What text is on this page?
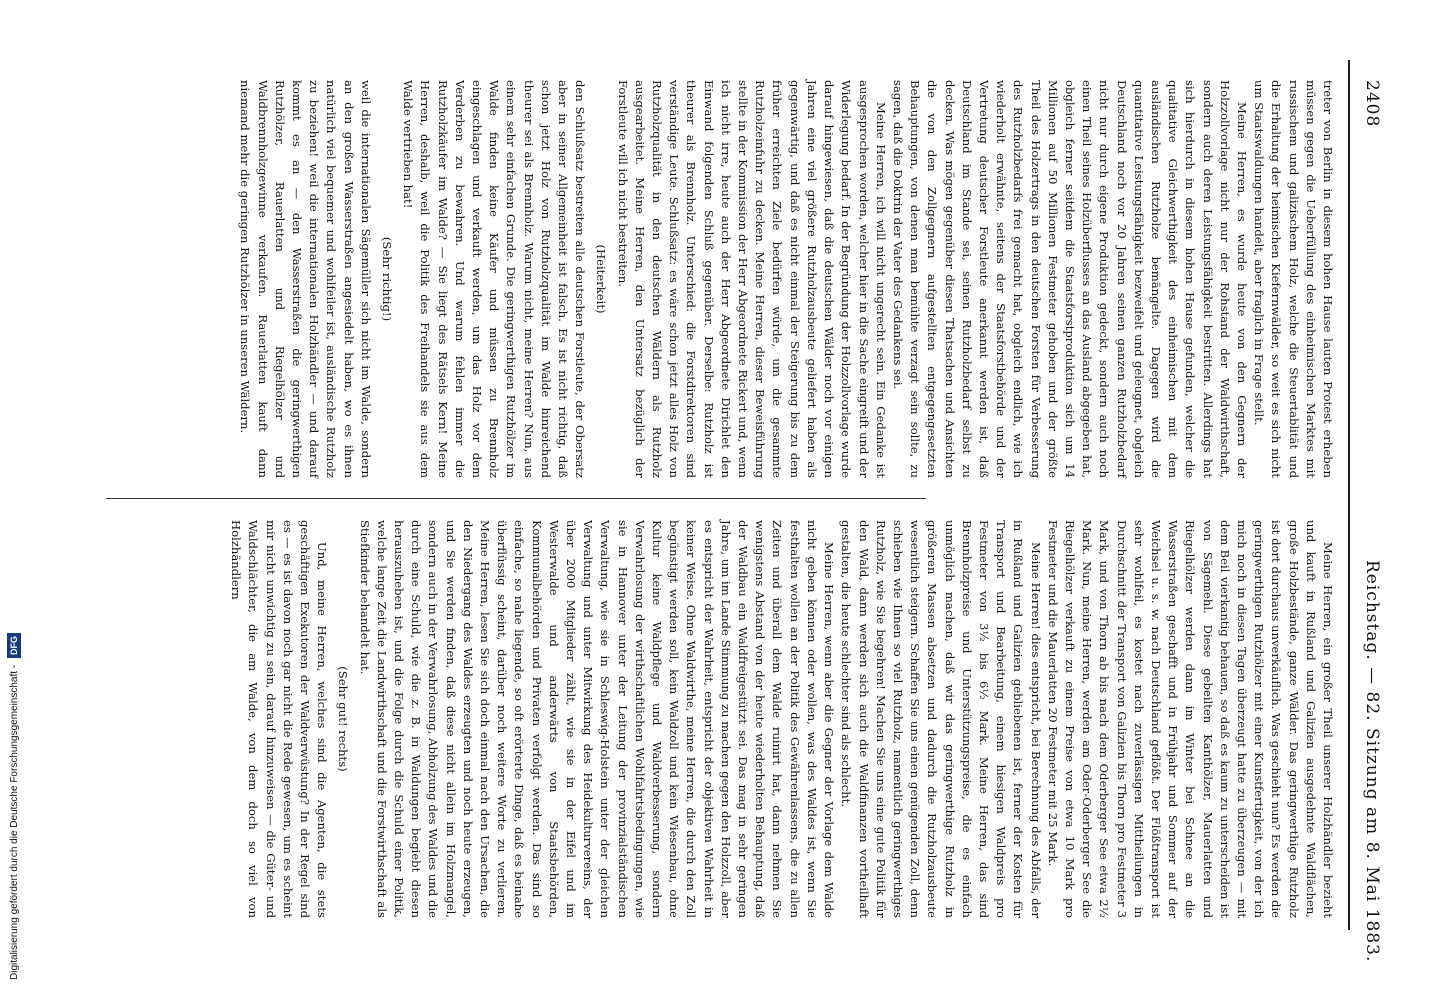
2408
Reichstag. — 82. Sitzung am 8. Mai 1883.

treter von Berlin in diesem hohen Hause lauten Protest erheben müssen gegen die Ueberfüllung des einheimischen Marktes mit russischem und galizischem Holz, welche die Steuertablität und die Erhaltung der heimischen Kiefernwälder, so weit es sich nicht um Staatswaldungen handelt, aber fraglich in Frage stellt.

Meine Herren, es wurde heute von den Gegnern der Holzzollvorlage nicht nur der Rohstand der Waldwirthschaft, sondern auch deren Leistungsfähigkeit bestritten. Allerdings hat sich hierdurch in diesem hohen Hause gefunden, welcher die qualitative Gleichwerthigkeit des einheimischen mit dem ausländischen Rutzholze bemängelte. Dagegen wird die quantitative Leistungsfähigkeit bezweifelt und geleugnet, obgleich Deutschland noch vor 20 Jahren seinen ganzen Rutzholzbedarf nicht nur durch eigene Produktion gedeckt, sondern auch noch einen Theil seines Holzüberflusses an das Ausland abgegeben hat, obgleich ferner seitdem die Staatsforstproduktion sich um 14 Millionen auf 50 Millionen Festmeter gehoben und der größte Theil des Holzertrags in den deutschen Forsten für Verbesserung des Rutzholzbedarfs frei gemacht hat, obgleich endlich, wie ich wiederholt erwähnte, seitens der Staatsforstbehörde und der Vertretung deutscher Forstleute anerkannt werden ist, daß Deutschland im Stande sei, seinen Rutzholzbedarf selbst zu decken. Was mögen gegenüber diesen Thatsachen und Ansichten die von den Zollgegnern aufgestellten entgegengesetzten Behauptungen, von denen man bemühte verzagt sein sollte, zu sagen, daß die Doktrin der Vater des Gedankens sei.

Meine Herren, ich will nicht ungerecht sein. Ein Gedanke ist ausgesprochen worden, welcher hier in die Sache eingreift und der Widerlegung bedarf. In der Begründung der Holzzollvorlage wurde darauf hingewiesen, daß die deutschen Wälder noch vor einigen Jahren eine viel größere Rutzholzausbeute geliefert haben als gegenwärtig, und daß es nicht einmal der Steigerung bis zu dem früher erreichten Ziele bedürfen würde, um die gesammte Rutzholzeinfuhr zu decken. Meine Herren, dieser Beweisführung stellte in der Kommission der Herr Abgeordnete Rickert und, wenn ich nicht irre, heute auch der Herr Abgeordnete Dirichlet den Einwand folgenden Schluß gegenüber. Derselbe: Rutzholz ist theurer als Brennholz. Unterschied: die Forstdirektoren sind verständige Leute. Schlußsatz: es wäre schon jetzt alles Holz von Rutzholzqualität in den deutschen Wäldern als Rutzholz ausgearbeitet. Meine Herren, den Untersatz bezüglich der Forstleute will ich nicht bestreiten.

(Heiterkeit)

den Schlußsatz bestreiten alle deutschen Forstleute, der Obersatz aber in seiner Allgemeinheit ist falsch. Es ist nicht richtig, daß schon jetzt Holz von Rutzholzqualität im Walde hinreichend theurer sei als Brennholz. Warum nicht, meine Herren? Nun, aus einem sehr einfachen Grunde. Die geringwerthigen Rutzhölzer im Walde finden keine Käufer und müssen zu Brennholz eingeschlagen und verkauft werden, um das Holz vor dem Verderben zu bewahren. Und warum fehlen immer die Rutzholzkäufer im Walde? — Sie liegt des Rätsels Kern! Meine Herren, deshalb, weil die Politik des Freihandels sie aus dem Walde vertrieben hat!

(Sehr richtig!)

weil die internationalen Sägemüller sich nicht im Walde, sondern an den großen Wasserstraßen angesiedelt haben, wo es ihnen natürlich viel bequemer und wohlfeiler ist, ausländische Rutzholz zu beziehen! weil die internationalen Holzhändler — und darauf kommt es an — den Wasserstraßen die geringwerthigen Rutzhölzer, Rauerlatten und Riegelhölzer und Waldbrennholzgewinne verkaufen. Rauerlatten kauft dann niemand mehr die geringen Rutzhölzer in unseren Wäldern.

Meine Herren, ein großer Theil unserer Holzhändler bezieht und kauft in Rußland und Galizien ausgedehnte Waldflächen, große Holzbestände, ganze Wälder. Das geringwerthige Rutzholz ist dort durchaus unverkäuflich. Was geschieht nun? Es werden die geringwerthigen Rutzhölzer mit einer Kunstfertigkeit, von der ich mich noch in diesen Tagen überzeugt hatte zu überzeugen — mit dem Beil vierkantig behauen, so daß es kaum zu unterscheiden ist von Sägemehl. Diese gebeilten Kanthölzer, Mauerlatten und Riegelhölzer werden dann im Winter bei Schnee an die Wasserstraßen geschafft und in Frühjahr und Sommer auf der Weichsel u. s. w. nach Deutschland geflößt. Der Flößtransport ist sehr wohlfeil, es kostet nach zuverlässigen Mittheilungen in Durchschnitt der Transport von Galizien bis Thorn pro Festmeter 3 Mark, und von Thorn ab bis nach dem Oderberger See etwa 2½ Mark. Nun, meine Herren, werden am Oder-Oderberger See die Riegelhölzer verkauft zu einem Preise von etwa 10 Mark pro Festmeter und die Mauerlatten 20 Festmeter mit 25 Mark.

Meine Herren! dies entspricht, bei Berechnung des Abfalls, der in Rußland und Galizien gebliebenen ist, ferner der Kosten für Transport und Bearbeitung, einem hiesigen Waldpreis pro Festmeter von 3½ bis 6½ Mark. Meine Herren, das sind Brennholzpreise und Unterstützungspreise, die es einfach unmöglich machen, daß wir das geringwerthige Rutzholz in größeren Massen absetzen und dadurch die Rutzholzausbeute wesentlich steigern. Schaffen Sie uns einen genügenden Zoll, denn schieben wie Ihnen so viel Rutzholz, namentlich geringwerthiges Rutzholz, wie Sie begehren! Machen Sie uns eine gute Politik für den Wald, dann werden sich auch die Waldfinanzen vortheilhaft gestalten, die heute schlechter sind als schlecht.

Meine Herren, wenn aber die Gegner der Vorlage dem Walde nicht geben können oder wollen, was des Waldes ist, wenn Sie festhalten wollen an der Politik des Gewährenlassens, die zu allen Zeiten und überall dem Walde ruinirt hat, dann nehmen Sie wenigstens Abstand von der heute wiederholten Behauptung, daß der Waldbau ein Waldfreigestützt sei. Das mag in sehr geringen Jahre, um im Lande Stimmung zu machen gegen den Holzzoll, aber es entspricht der Wahrheit, entspricht der objektiven Wahrheit in keiner Weise. Ohne Waldwirthe, meine Herren, die durch den Zoll begünstigt werden soll, kein Waldzoll und kein Wiesenbau, ohne Kultur keine Waldpflege und Waldverbesserung, sondern Verwahrlosung der wirthschaftlichen Wohlfahrtsbedingungen, wie sie in Hannover unter der Leitung der provinzialständischen Verwaltung, wie sie in Schleswig-Holstein unter der gleichen Verwaltung und unter Mitwirkung des Heidekulturvereins, der über 2000 Mitglieder zählt, wie sie in der Eifel und im Westerwalde und anderwärts von Staatsbehörden, Kommunalbehörden und Privaten verfolgt werden. Das sind so einfache, so nahe liegende, so oft erörterte Dinge, daß es beinahe überflüssig scheint, darüber noch weitere Worte zu verlieren. Meine Herren, lesen Sie sich doch einmal nach den Ursachen, die den Niedergang des Waldes erzeugten und noch heute erzeugen, und Sie werden finden, daß diese nicht allein im Holzmangel, sondern auch in der Verwahrlosung, Abholzung des Waldes und die durch eine Schuld, wie die z. B. in Waldungen begiebt diesen herauszuheben ist, und die Folge durch die Schuld einer Politik, welche lange Zeit die Landwirthschaft und die Forstwirthschaft als Stiefkinder behandelt hat.

(Sehr gut! rechts)

Und, meine Herren, welches sind die Agenten, die stets geschäftigen Exekutoren der Waldverwüstung? In der Regel sind es — es ist davon noch gar nicht die Rede gewesen, um es scheint mir nicht unwichtig zu sein, darauf hinzuweisen — die Güter- und Waldschlächter, die am Walde, von dem doch so viel von Holzhändlern

Digitalisierung gefördert durch die Deutsche Forschungsgemeinschaft - DFG
